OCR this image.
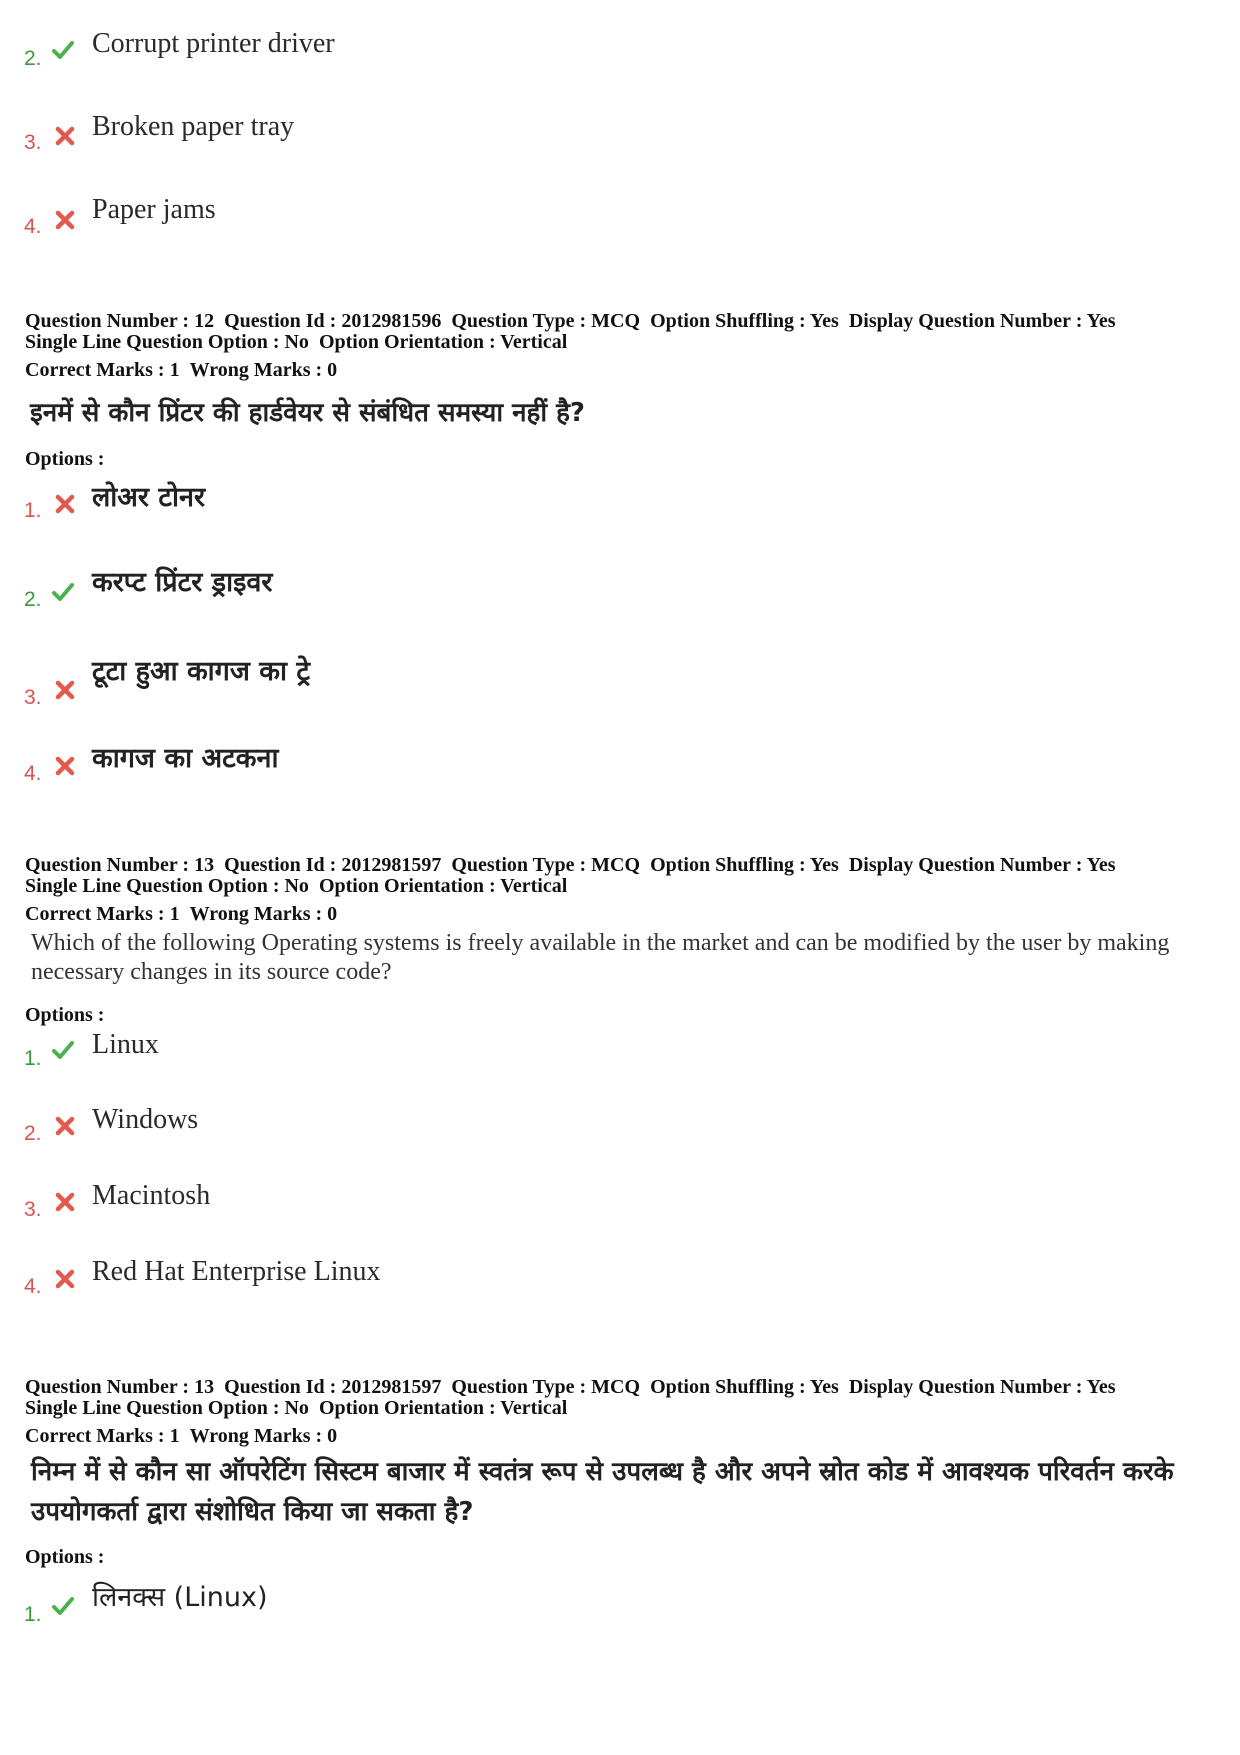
2. Corrupt printer driver
3.
Broken paper tray
4.
Paper jams
Question Number : 12 Question Id : 2012981596 Question Type : MCQ Option Shuffling : Yes Display Question Number : Yes
Single Line Question Option : No Option Orientation : Vertical
Correct Marks : 1 Wrong Marks : 0
इनमें से कौन प्रिंटर की हार्डवेयर से संबंधित समस्या नहीं है?
Options :
1. लोअर टोनर
2.
करप्ट प्रिंटर ड्राइवर
3.
टूटा हुआ कागज का ट्रे
4. कागज का अटकना
Question Number : 13 Question Id : 2012981597 Question Type : MCQ Option Shuffling : Yes Display Question Number : Yes
Single Line Question Option : No Option Orientation : Vertical
Correct Marks : 1 Wrong Marks : 0
Which of the following Operating systems is freely available in the market and can be modified by the user by making necessary changes in its source code?
Options :
1. Linux
2. Windows
3. Macintosh
4. Red Hat Enterprise Linux
Question Number : 13 Question Id : 2012981597 Question Type : MCQ Option Shuffling : Yes Display Question Number : Yes
Single Line Question Option : No Option Orientation : Vertical
Correct Marks : 1 Wrong Marks : 0
निम्न में से कौन सा ऑपरेटिंग सिस्टम बाजार में स्वतंत्र रूप से उपलब्ध है और अपने स्रोत कोड में आवश्यक परिवर्तन करके उपयोगकर्ता द्वारा संशोधित किया जा सकता है?
Options :
1.
लिनक्स (Linux)
